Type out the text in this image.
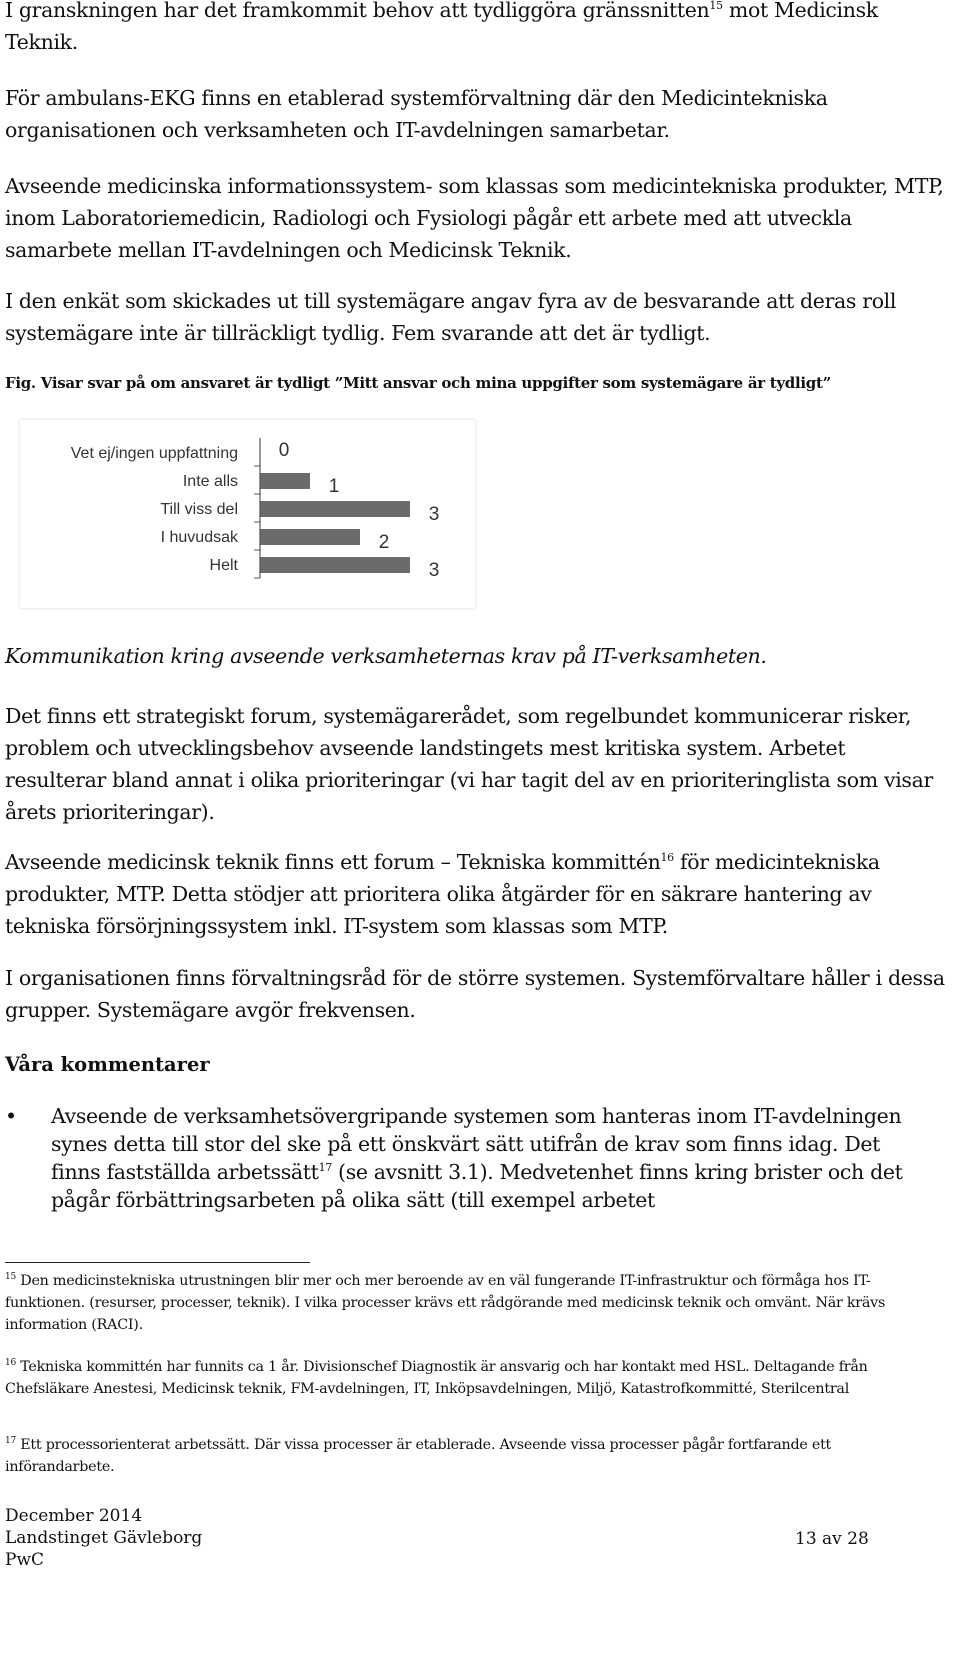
I granskningen har det framkommit behov att tydliggöra gränssnitten$^{15}$ mot Medicinsk Teknik.

För ambulans-EKG finns en etablerad systemförvaltning där den Medicintekniska organisationen och verksamheten och IT-avdelningen samarbetar.

Avseende medicinska informationssystem- som klassas som medicintekniska produkter, MTP, inom Laboratoriemedicin, Radiologi och Fysiologi pågår ett arbete med att utveckla samarbete mellan IT-avdelningen och Medicinsk Teknik.

I den enkät som skickades ut till systemägare angav fyra av de besvarande att deras roll systemägare inte är tillräckligt tydlig. Fem svarande att det är tydligt.

Fig. Visar svar på om ansvaret är tydligt ”Mitt ansvar och mina uppgifter som systemägare är tydligt”
Vet ej/ingen uppfattning 0
Inte alls	1
Till viss del	3
I huvudsak	2
Helt	3
Kommunikation kring avseende verksamheternas krav på IT-verksamheten.

Det finns ett strategiskt forum, systemägarerådet, som regelbundet kommunicerar risker, problem och utvecklingsbehov avseende landstingets mest kritiska system. Arbetet resulterar bland annat i olika prioriteringar (vi har tagit del av en prioriteringlista som visar årets prioriteringar).

Avseende medicinsk teknik finns ett forum – Tekniska kommittén$^{16}$ för medicintekniska produkter, MTP. Detta stödjer att prioritera olika åtgärder för en säkrare hantering av tekniska försörjningssystem inkl. IT-system som klassas som MTP.

I organisationen finns förvaltningsråd för de större systemen. Systemförvaltare håller i dessa grupper. Systemägare avgör frekvensen.

Våra kommentarer
•	Avseende de verksamhetsövergripande systemen som hanteras inom IT-avdelningen synes detta till stor del ske på ett önskvärt sätt utifrån de krav som finns idag. Det finns fastställda arbetssätt$^{17}$ (se avsnitt 3.1). Medvetenhet finns kring brister och det pågår förbättringsarbeten på olika sätt (till exempel arbetet
$^{15}$ Den medicinstekniska utrustningen blir mer och mer beroende av en väl fungerande IT-infrastruktur och förmåga hos IT-funktionen. (resurser, processer, teknik). I vilka processer krävs ett rådgörande med medicinsk teknik och omvänt. När krävs information (RACI).
$^{16}$ Tekniska kommittén har funnits ca 1 år. Divisionschef Diagnostik är ansvarig och har kontakt med HSL. Deltagande från Chefsläkare Anestesi, Medicinsk teknik, FM-avdelningen, IT, Inköpsavdelningen, Miljö, Katastrofkommitté, Sterilcentral
$^{17}$ Ett processorienterat arbetssätt. Där vissa processer är etablerade. Avseende vissa processer pågår fortfarande ett införandarbete.
December 2014
Landstinget Gävleborg
PwC
13 av 28
